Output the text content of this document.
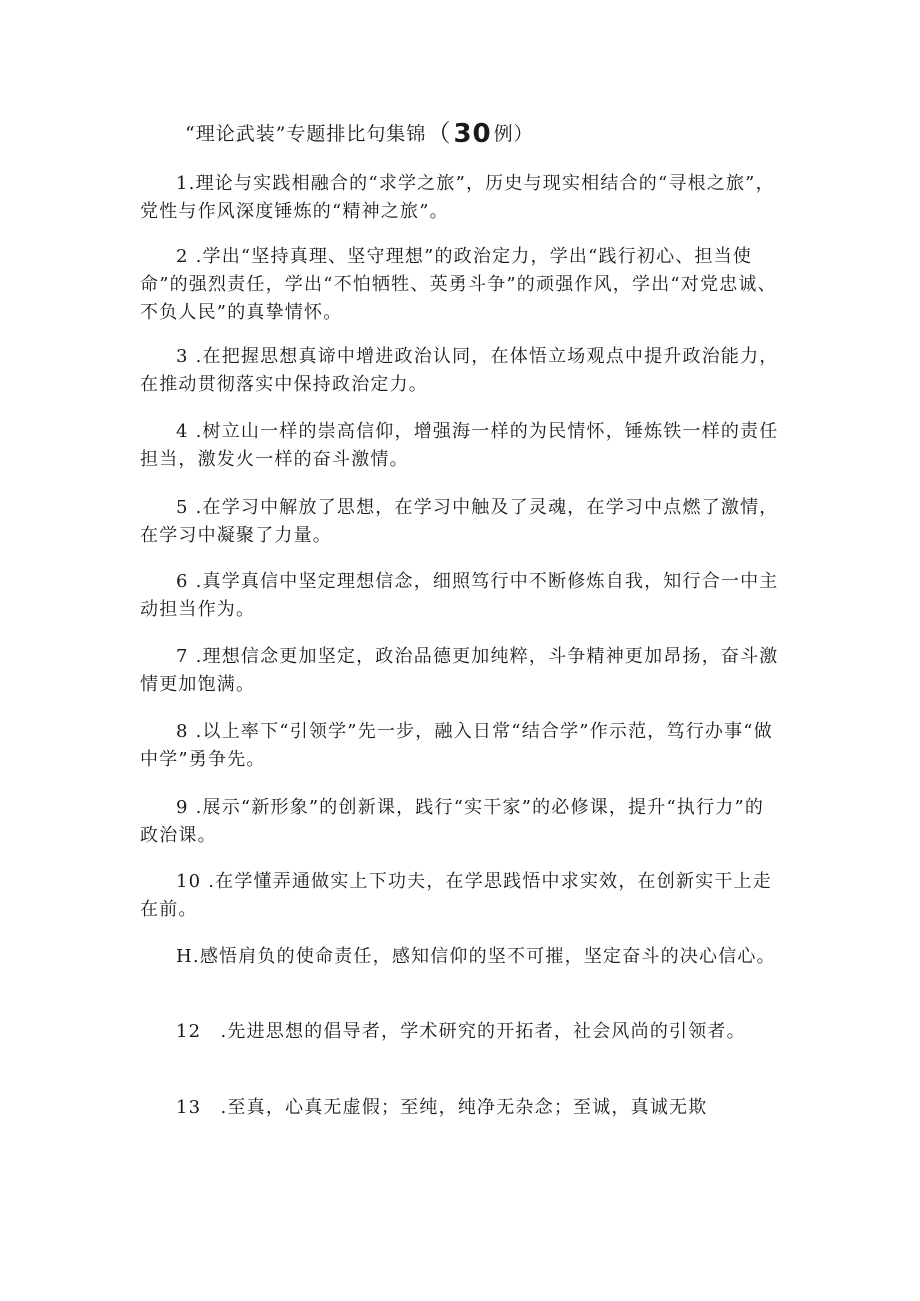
“理论武装”专题排比句集锦（30 例）

1.理论与实践相融合的“求学之旅”，历史与现实相结合的“寻根之旅”，党性与作风深度锤炼的“精神之旅”。

2 .学出“坚持真理、坚守理想”的政治定力，学出“践行初心、担当使命”的强烈责任，学出“不怕牺牲、英勇斗争”的顽强作风，学出“对党忠诚、不负人民”的真挚情怀。

3 .在把握思想真谛中增进政治认同，在体悟立场观点中提升政治能力，在推动贯彻落实中保持政治定力。

4 .树立山一样的崇高信仰，增强海一样的为民情怀，锤炼铁一样的责任担当，激发火一样的奋斗激情。

5 .在学习中解放了思想，在学习中触及了灵魂，在学习中点燃了激情，在学习中凝聚了力量。

6 .真学真信中坚定理想信念，细照笃行中不断修炼自我，知行合一中主动担当作为。

7 .理想信念更加坚定，政治品德更加纯粹，斗争精神更加昂扬，奋斗激情更加饱满。

8 .以上率下“引领学”先一步，融入日常“结合学”作示范，笃行办事“做中学”勇争先。

9 .展示“新形象”的创新课，践行“实干家”的必修课，提升“执行力”的政治课。

10 .在学懂弄通做实上下功夫，在学思践悟中求实效，在创新实干上走在前。

H.感悟肩负的使命责任，感知信仰的坚不可摧，坚定奋斗的决心信心。

12　.先进思想的倡导者，学术研究的开拓者，社会风尚的引领者。

13　.至真，心真无虚假；至纯，纯净无杂念；至诚，真诚无欺
